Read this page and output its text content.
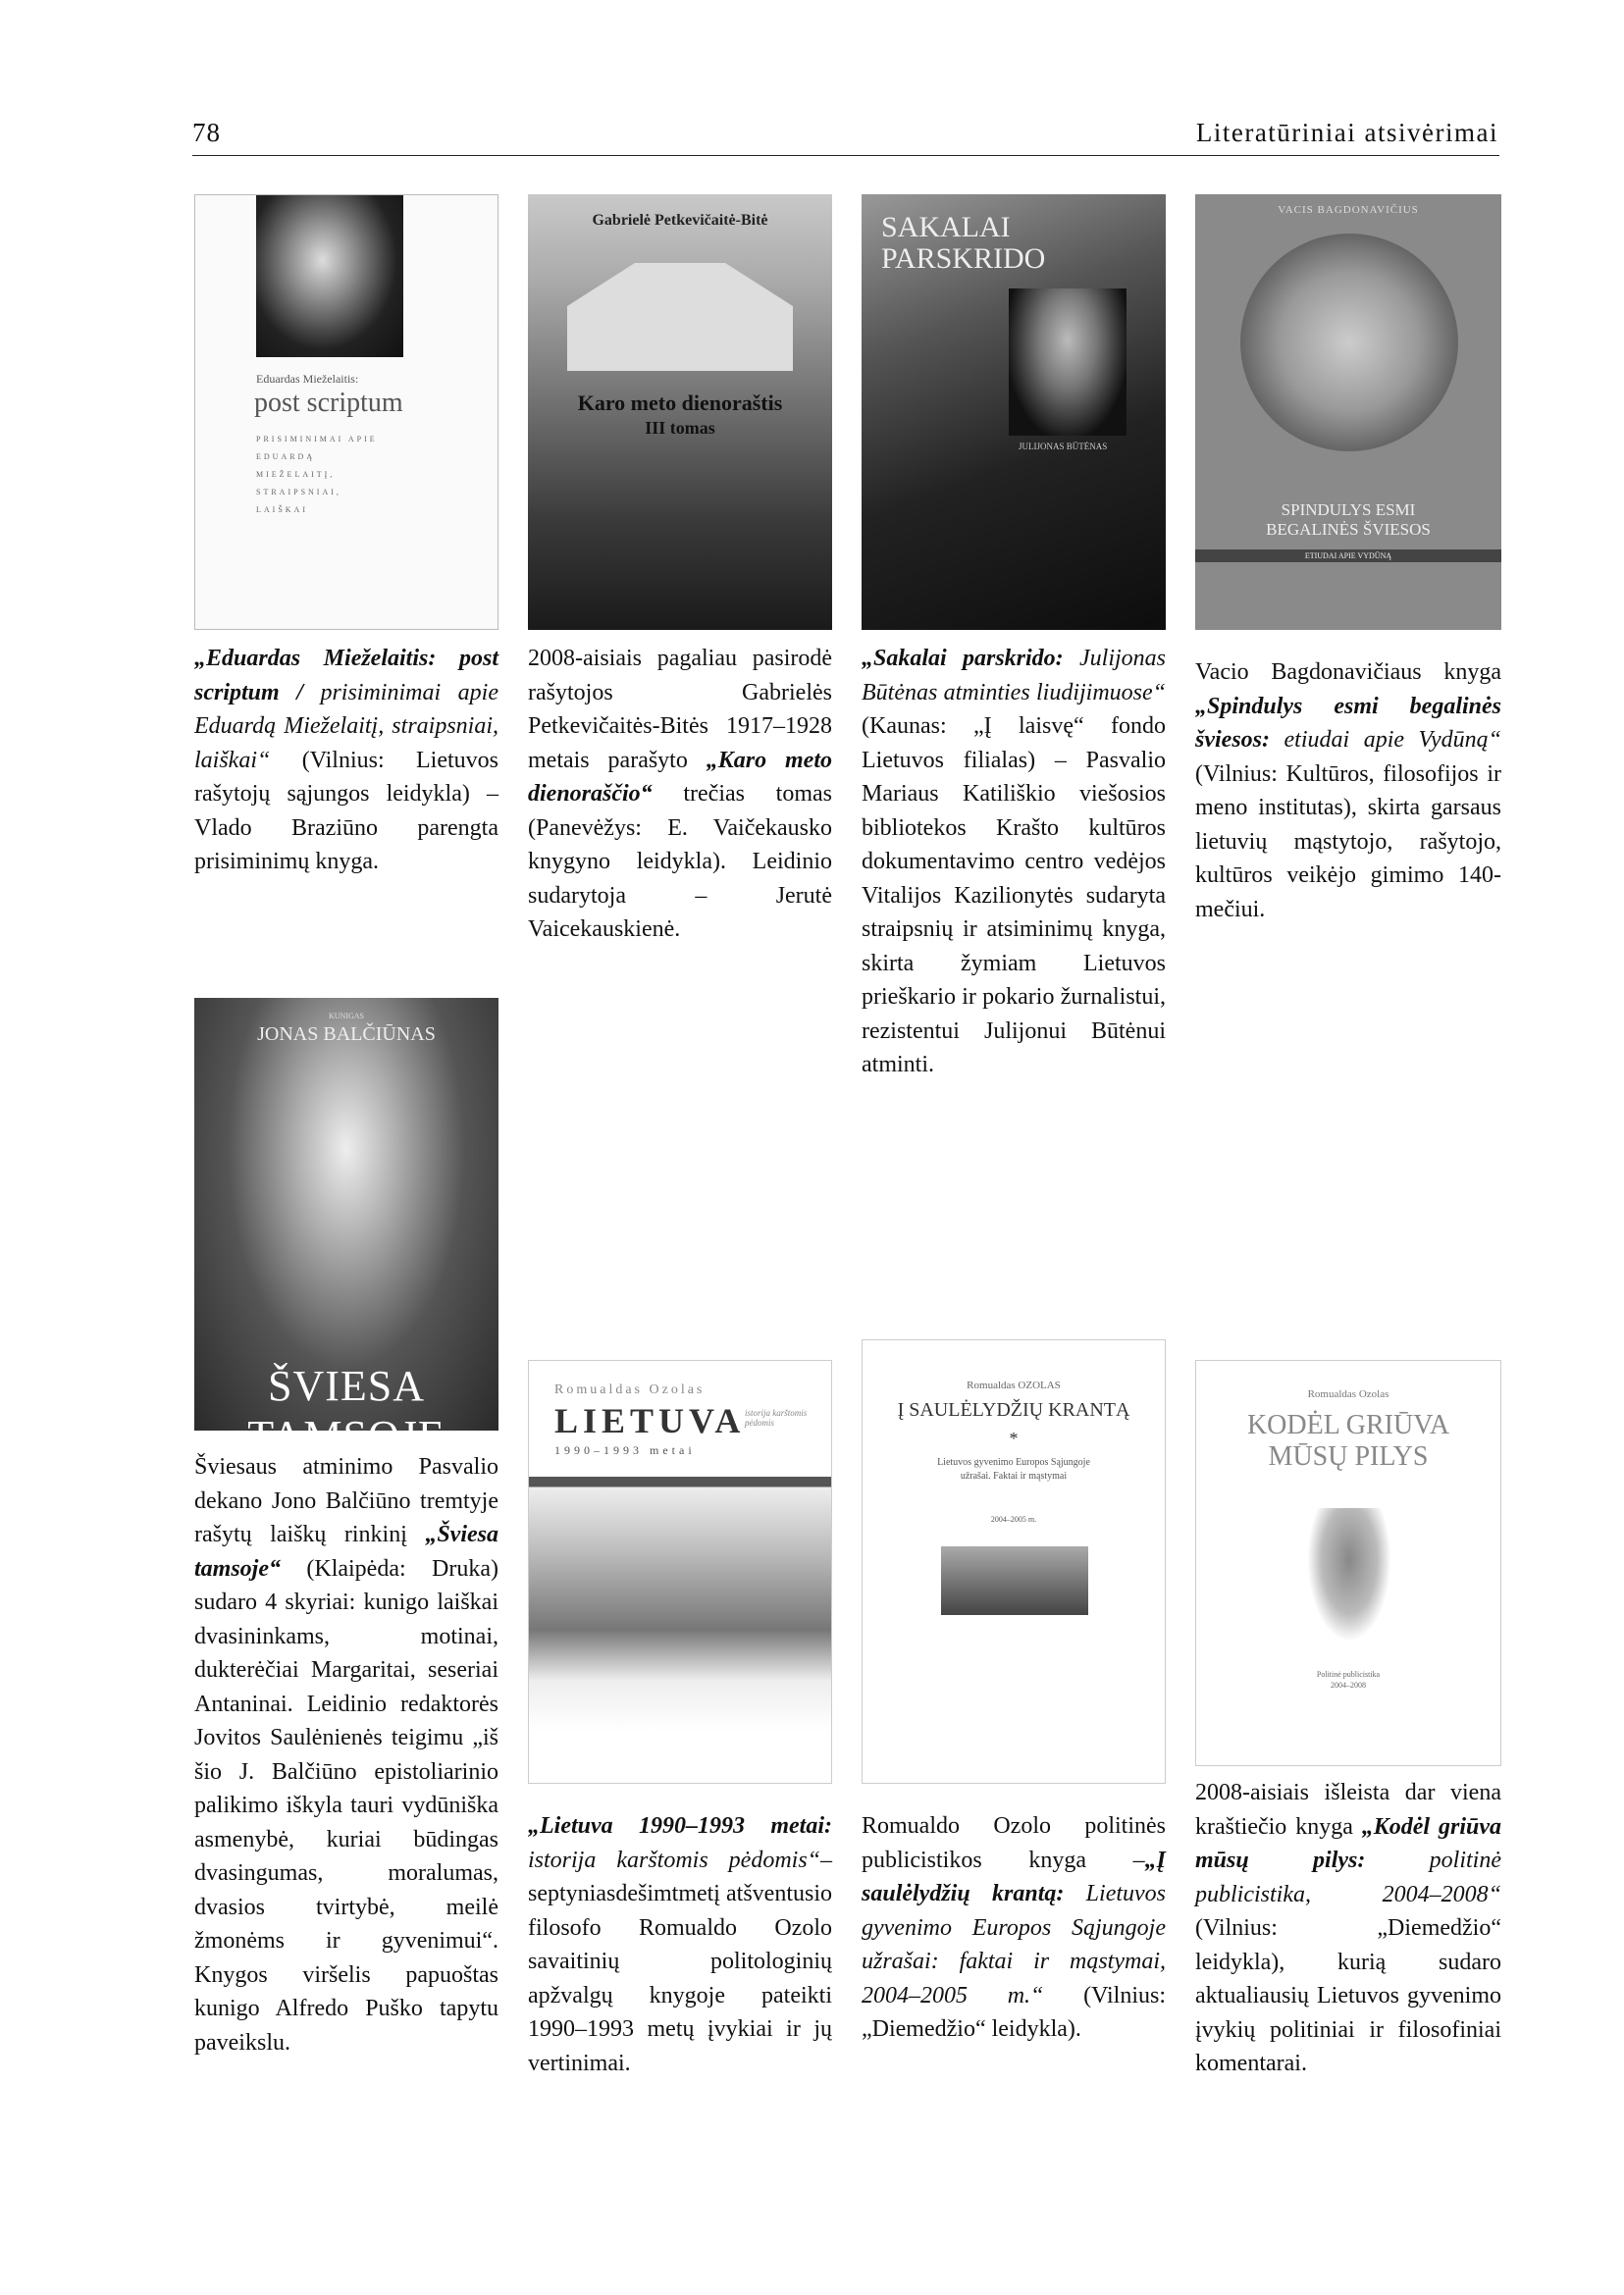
78	Literatūriniai atsivėrimai
Eduardas Mieželaitis:
post scriptum
PRISIMINIMAI APIE EDUARDĄ MIEŽELAITĮ, STRAIPSNIAI, LAIŠKAI
Gabrielė Petkevičaitė-Bitė
Karo meto dienoraštis
III tomas
SAKALAI PARSKRIDO
JULIJONAS BŪTĖNAS
VACIS BAGDONAVIČIUS
SPINDULYS ESMI BEGALINĖS ŠVIESOS
ETIUDAI APIE VYDŪNĄ
„Eduardas Mieželaitis: post scriptum / prisiminimai apie Eduardą Mieželaitį, straipsniai, laiškai“ (Vilnius: Lietuvos rašytojų sąjungos leidykla) – Vlado Braziūno parengta prisiminimų knyga.
2008-aisiais pagaliau pasirodė rašytojos Gabrielės Petkevičaitės-Bitės 1917–1928 metais parašyto „Karo meto dienoraščio“ trečias tomas (Panevėžys: E. Vaičekausko knygyno leidykla). Leidinio sudarytoja – Jerutė Vaicekauskienė.
„Sakalai parskrido: Julijonas Būtėnas atminties liudijimuose“ (Kaunas: „Į laisvę“ fondo Lietuvos filialas) – Pasvalio Mariaus Katiliškio viešosios bibliotekos Krašto kultūros dokumentavimo centro vedėjos Vitalijos Kazilionytės sudaryta straipsnių ir atsiminimų knyga, skirta žymiam Lietuvos prieškario ir pokario žurnalistui, rezistentui Julijonui Būtėnui atminti.
Vacio Bagdonavičiaus knyga „Spindulys esmi begalinės šviesos: etiudai apie Vydūną“ (Vilnius: Kultūros, filosofijos ir meno institutas), skirta garsaus lietuvių mąstytojo, rašytojo, kultūros veikėjo gimimo 140-mečiui.
KUNIGAS
JONAS BALČIŪNAS
ŠVIESA TAMSOJE
Romualdas Ozolas
LIETUVA
1990–1993 metai
istorija karštomis pėdomis
Romualdas OZOLAS
Į SAULĖLYDŽIŲ KRANTĄ
*
Lietuvos gyvenimo Europos Sąjungoje užrašai. Faktai ir mąstymai
2004–2005 m.
Romualdas Ozolas
KODĖL GRIŪVA MŪSŲ PILYS
Politinė publicistika
2004–2008
Šviesaus atminimo Pasvalio dekano Jono Balčiūno tremtyje rašytų laiškų rinkinį „Šviesa tamsoje“ (Klaipėda: Druka) sudaro 4 skyriai: kunigo laiškai dvasininkams, motinai, dukterėčiai Margaritai, seseriai Antaninai. Leidinio redaktorės Jovitos Saulėnienės teigimu „iš šio J. Balčiūno epistoliarinio palikimo iškyla tauri vydūniška asmenybė, kuriai būdingas dvasingumas, moralumas, dvasios tvirtybė, meilė žmonėms ir gyvenimui“. Knygos viršelis papuoštas kunigo Alfredo Puško tapytu paveikslu.
„Lietuva 1990–1993 metai: istorija karštomis pėdomis“– septyniasdešimtmetį atšventusio filosofo Romualdo Ozolo savaitinių politologinių apžvalgų knygoje pateikti 1990–1993 metų įvykiai ir jų vertinimai.
Romualdo Ozolo politinės publicistikos knyga –„Į saulėlydžių krantą: Lietuvos gyvenimo Europos Sąjungoje užrašai: faktai ir mąstymai, 2004–2005 m.“ (Vilnius: „Diemedžio“ leidykla).
2008-aisiais išleista dar viena kraštiečio knyga „Kodėl griūva mūsų pilys: politinė publicistika, 2004–2008“ (Vilnius: „Diemedžio“ leidykla), kurią sudaro aktualiausių Lietuvos gyvenimo įvykių politiniai ir filosofiniai komentarai.
